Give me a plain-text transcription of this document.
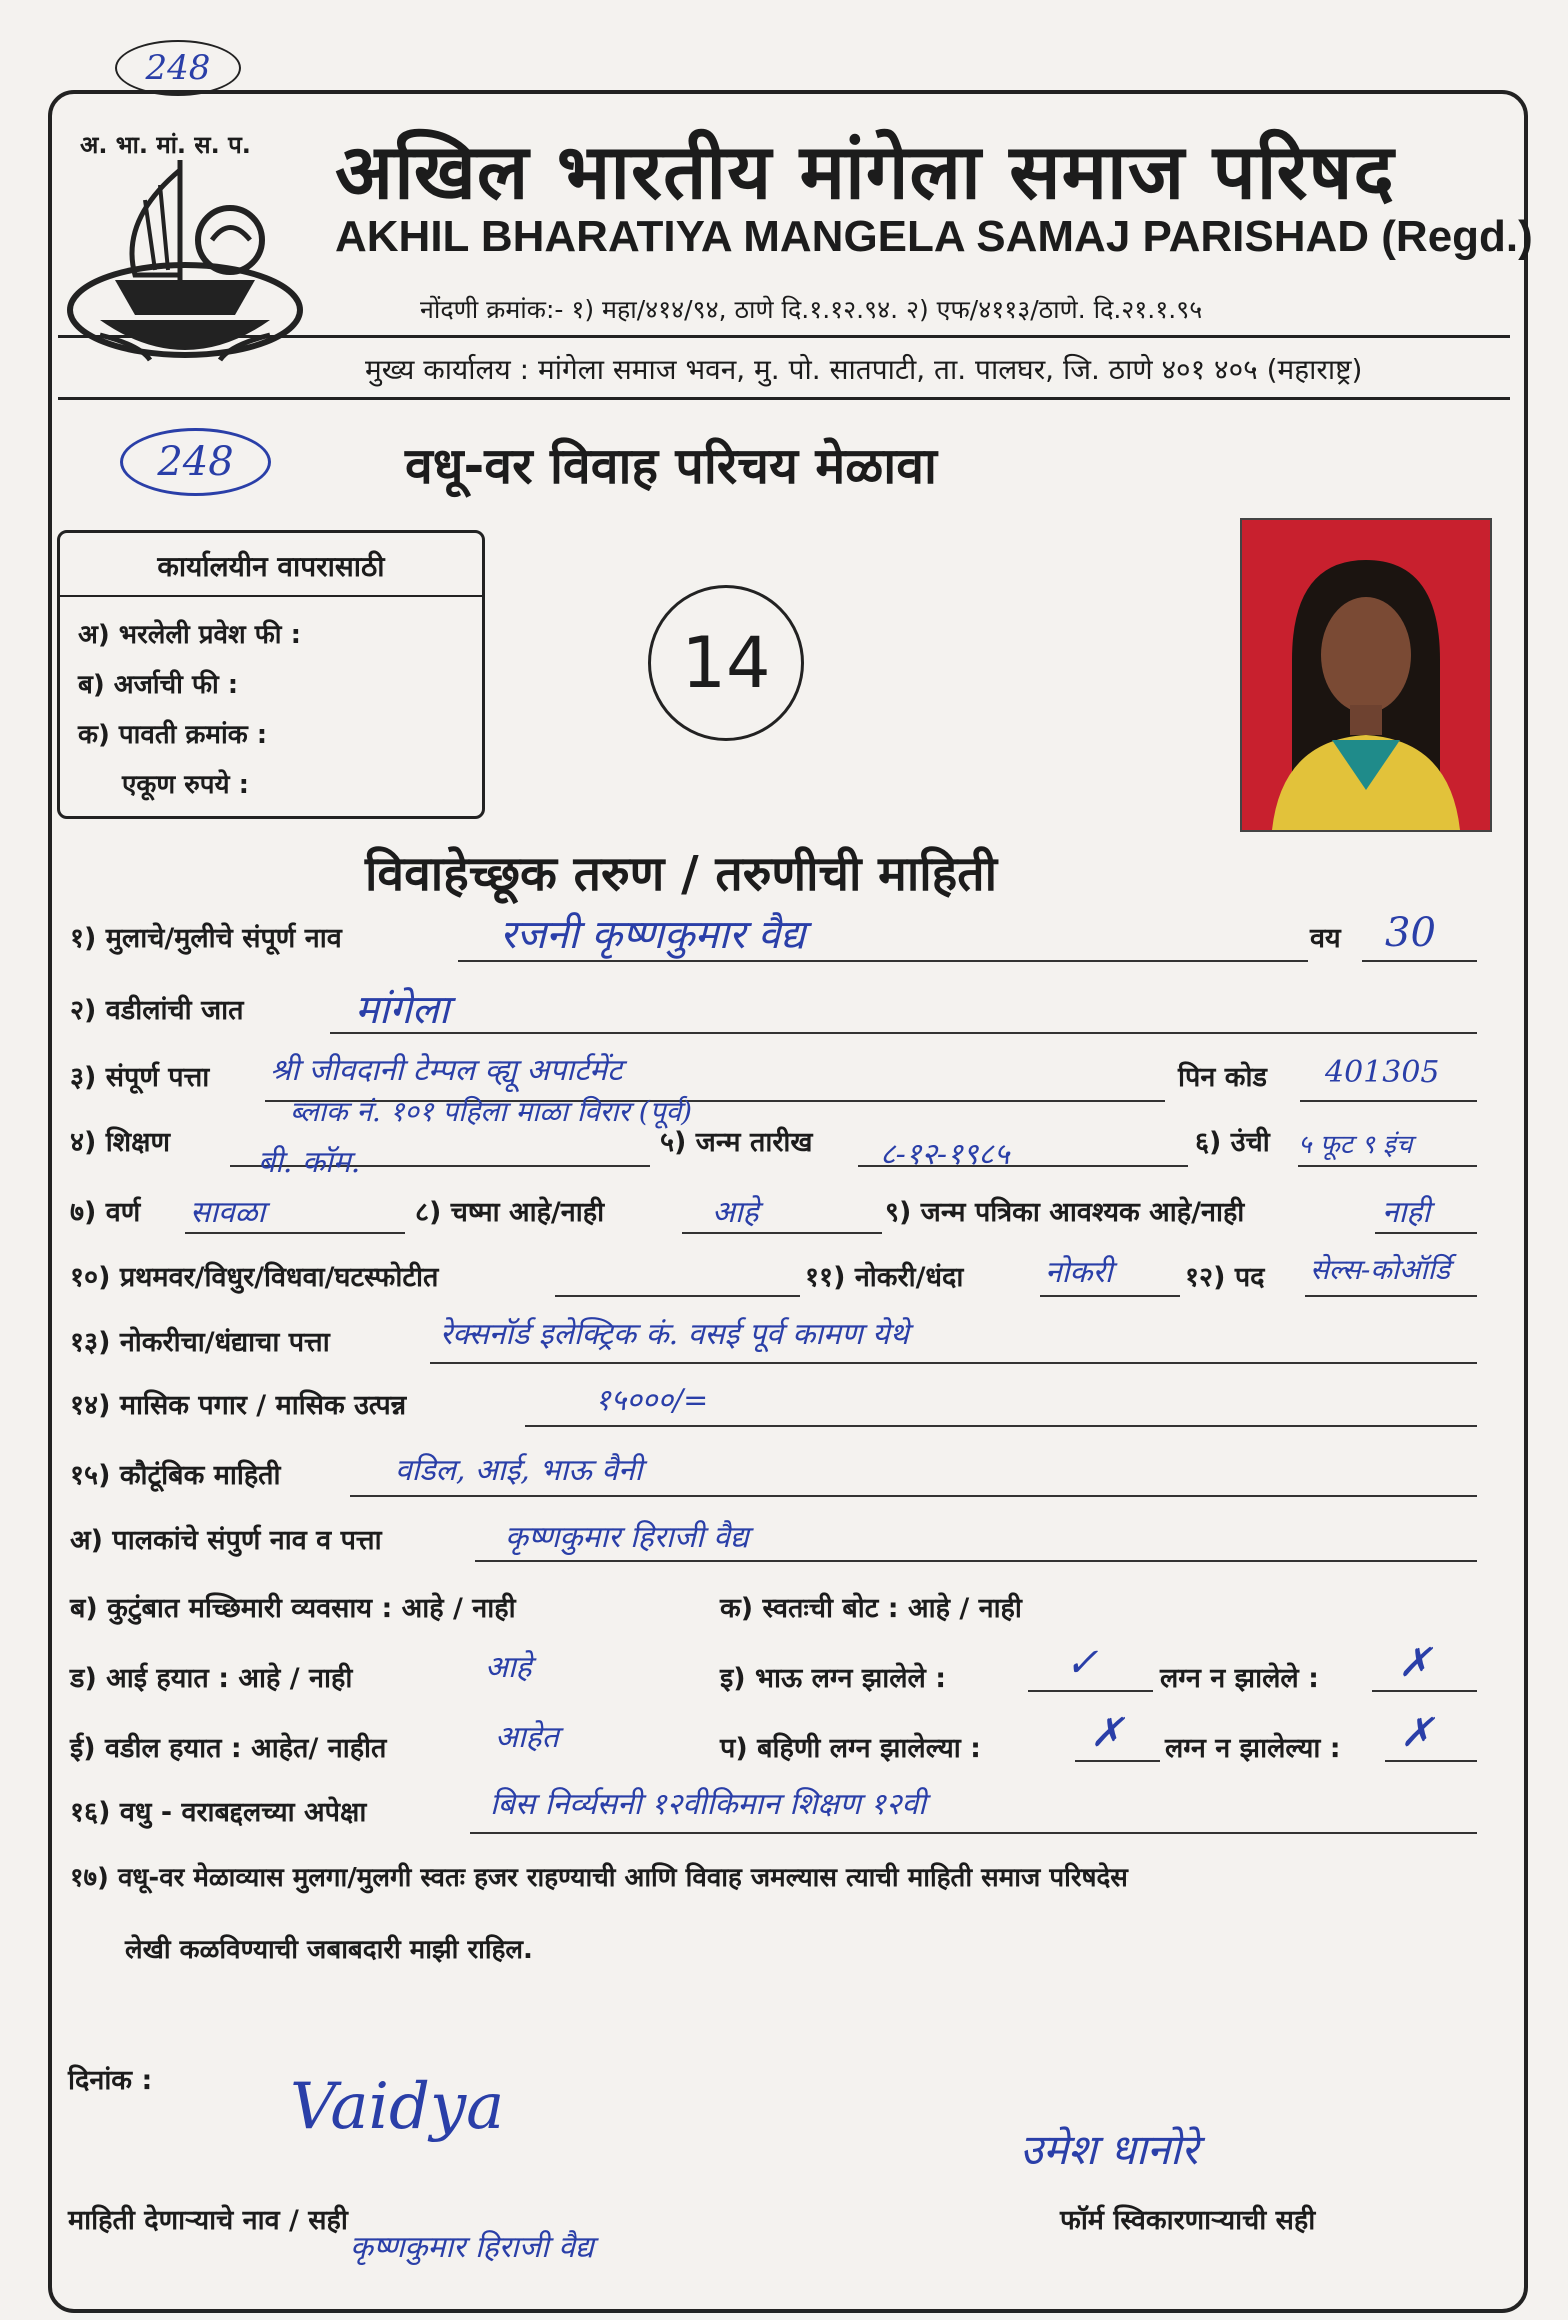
248
अ. भा. मां. स. प. अखिल भारतीय मांगेला समाज परिषद
AKHIL BHARATIYA MANGELA SAMAJ PARISHAD (Regd.)
नोंदणी क्रमांक:- १) महा/४१४/९४, ठाणे दि.१.१२.९४. २) एफ/४११३/ठाणे. दि.२१.१.९५
मुख्य कार्यालय : मांगेला समाज भवन, मु. पो. सातपाटी, ता. पालघर, जि. ठाणे ४०१ ४०५ (महाराष्ट्र)
248	वधू-वर विवाह परिचय मेळावा
कार्यालयीन वापरासाठी
अ) भरलेली प्रवेश फी :
ब) अर्जाची फी :
क) पावती क्रमांक :
एकूण रुपये :
14
विवाहेच्छूक तरुण / तरुणीची माहिती
१) मुलाचे/मुलीचे संपूर्ण नाव	रजनी कृष्णकुमार वैद्य	वय 30
२) वडीलांची जात	मांगेला
३) संपूर्ण पत्ता श्री जीवदानी टेम्पल व्ह्यू अपार्टमेंट
ब्लाक नं. १०१ पहिला माळा विरार (पूर्व)
पिन कोड 401305
४) शिक्षण
बी. कॉम.
५) जन्म तारीख ८-१२-१९८५	६) उंची ५ फूट ९ इंच
७) वर्ण सावळा	८) चष्मा आहे/नाही	आहे	९) जन्म पत्रिका आवश्यक आहे/नाही	नाही
१०) प्रथमवर/विधुर/विधवा/घटस्फोटीत	११) नोकरी/धंदा	नोकरी	१२) पद सेल्स-कोऑर्डि
१३) नोकरीचा/धंद्याचा पत्ता	रेक्सनॉर्ड इलेक्ट्रिक कं. वसई पूर्व कामण येथे
१४) मासिक पगार / मासिक उत्पन्न	१५०००/=
१५) कौटूंबिक माहिती	वडिल, आई, भाऊ वैनी
अ) पालकांचे संपुर्ण नाव व पत्ता	कृष्णकुमार हिराजी वैद्य
ब) कुटुंबात मच्छिमारी व्यवसाय : आहे / नाही	क) स्वतःची बोट : आहे / नाही
ड) आई हयात : आहे / नाही	आहे	इ) भाऊ लग्न झालेले :	✓ लग्न न झालेले : ✗
ई) वडील हयात : आहेत/ नाहीत	आहेत	प) बहिणी लग्न झालेल्या :	✗ लग्न न झालेल्या : ✗
१६) वधु - वराबद्दलच्या अपेक्षा	बिस निर्व्यसनी १२वीकिमान शिक्षण १२वी
१७) वधू-वर मेळाव्यास मुलगा/मुलगी स्वतः हजर राहण्याची आणि विवाह जमल्यास त्याची माहिती समाज परिषदेस
लेखी कळविण्याची जबाबदारी माझी राहिल.
दिनांक : Vaidya
माहिती देणाऱ्याचे नाव / सही
कृष्णकुमार हिराजी वैद्य
उमेश धानोरे
फॉर्म स्विकारणाऱ्याची सही
